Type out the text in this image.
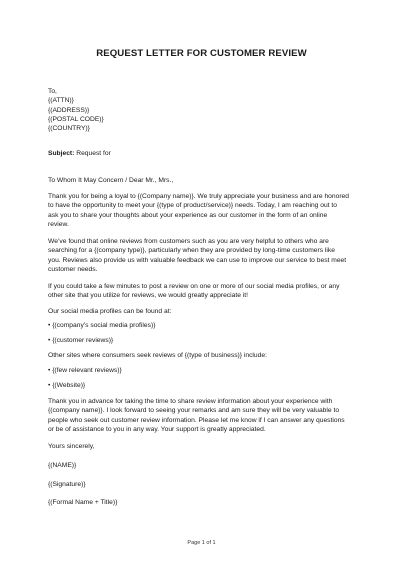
REQUEST LETTER FOR CUSTOMER REVIEW
To,
{(ATTN)}
{(ADDRESS)}
{(POSTAL CODE)}
{(COUNTRY)}
Subject: Request for
To Whom It May Concern / Dear Mr., Mrs.,
Thank you for being a loyal to {(Company name)}. We truly appreciate your business and are honored
to have the opportunity to meet your {(type of product/service)} needs. Today, I am reaching out to
ask you to share your thoughts about your experience as our customer in the form of an online
review.
We’ve found that online reviews from customers such as you are very helpful to others who are
searching for a {(company type)}, particularly when they are provided by long-time customers like
you. Reviews also provide us with valuable feedback we can use to improve our service to best meet
customer needs.
If you could take a few minutes to post a review on one or more of our social media profiles, or any
other site that you utilize for reviews, we would greatly appreciate it!
Our social media profiles can be found at:
• {(company’s social media profiles)}
• {(customer reviews)}
Other sites where consumers seek reviews of {(type of business)} include:
• {(few relevant reviews)}
• {(Website)}
Thank you in advance for taking the time to share review information about your experience with
{(company name)}. I look forward to seeing your remarks and am sure they will be very valuable to
people who seek out customer review information. Please let me know if I can answer any questions
or be of assistance to you in any way. Your support is greatly appreciated.
Yours sincerely,
{(NAME)}
{(Signature)}
{(Formal Name + Title)}
Page 1 of 1
